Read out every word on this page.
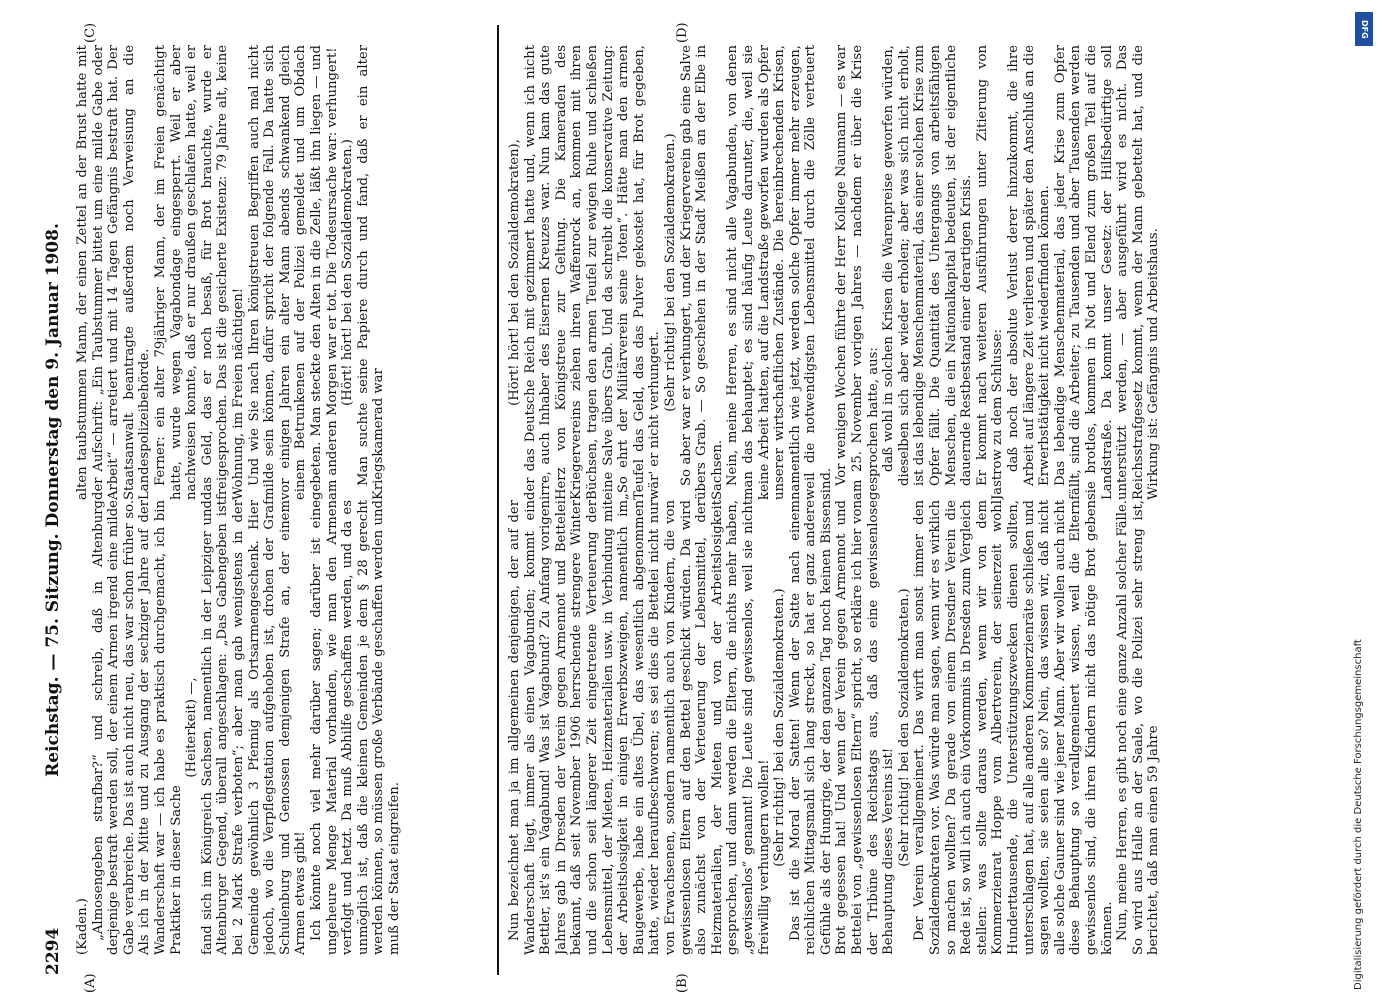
2294
Reichstag. — 75. Sitzung. Donnerstag den 9. Januar 1908.

(Kaden.) „Almosengeben strafbar?“ und schreib, daß in Altenburg derjenige bestraft werden soll, der einem Armen irgend eine milde Gabe verabreiche. Das ist auch nicht neu, das war schon früher so. Als ich in der Mitte und zu Ausgang der sechziger Jahre auf der Wanderschaft war — ich habe es praktisch durchgemacht, ich bin Praktiker in dieser Sache

(Heiterkeit) —, fand sich im Königreich Sachsen, namentlich in der Leipziger und Altenburger Gegend, überall angeschlagen: „Das Gabengeben ist bei 2 Mark Strafe verboten“; aber man gab wenigstens in der Gemeinde gewöhnlich 3 Pfennig als Ortsarmengeschenk. Hier jedoch, wo die Verpflegstation aufgehoben ist, drohen der Graf Schulenburg und Genossen demjenigen Strafe an, der einem Armen etwas gibt! Ich könnte noch viel mehr darüber sagen; darüber ist eine ungeheure Menge Material vorhanden, wie man den Armen verfolgt und hetzt. Da muß Abhilfe geschaffen werden, und da es unmöglich ist, daß die kleinen Gemeinden je dem § 28 gerecht werden können, so müssen große Verbände geschaffen werden und muß der Staat eingreifen.

alten taubstummen Mann, der einen Zettel an der Brust hatte mit der Aufschrift: „Ein Taubstummer bittet um eine milde Gabe oder Arbeit“ — arretiert und mit 14 Tagen Gefängnis bestraft hat. Der Staatsanwalt beantragte außerdem noch Verweisung an die Landespolizeibehörde. Ferner: ein alter 79jähriger Mann, der im Freien genächtigt hatte, wurde wegen Vagabondage eingesperrt. Weil er aber nachweisen konnte, daß er nur draußen geschlafen hatte, weil er das Geld, das er noch besaß, für Brot brauchte, wurde er freigesprochen. Das ist die gesicherte Existenz: 79 Jahre alt, keine Wohnung, im Freien nächtigen! Und wie Sie nach Ihren königstreuen Begriffen auch mal nicht milde sein können, dafür spricht der folgende Fall. Da hatte sich vor einigen Jahren ein alter Mann abends schwankend gleich einem Betrunkenen auf der Polizei gemeldet und um Obdach gebeten. Man steckte den Alten in die Zelle, läßt ihn liegen — und am anderen Morgen war er tot. Die Todesursache war: verhungert! (Hört! hört! bei den Sozialdemokraten.) Man suchte seine Papiere durch und fand, daß er ein alter Kriegskamerad war

Nun bezeichnet man ja im allgemeinen denjenigen, der auf der Wanderschaft liegt, immer als einen Vagabunden; kommt ein Bettler, ist's ein Vagabund! Was ist Vagabund? Zu Anfang vorigen Jahres gab in Dresden der Verein gegen Armennot und Bettelei bekannt, daß seit November 1906 herrschende strengere Winter und die schon seit längerer Zeit eingetretene Verteuerung der Lebensmittel, der Mieten, Heizmaterialien usw. in Verbindung mit der Arbeitslosigkeit in einigen Erwerbszweigen, namentlich im Baugewerbe, habe ein altes Übel, das wesentlich abgenommen hatte, wieder heraufbeschworen; es sei dies die Bettelei nicht nur von Erwachsenen, sondern namentlich auch von Kindern, die von gewissenlosen Eltern auf den Bettel geschickt würden. Da wird also zunächst von der Verteuerung der Lebensmittel, der Heizmaterialien, der Mieten und von der Arbeitslosigkeit gesprochen, und dann werden die Eltern, die nichts mehr haben, „gewissenlos“ genannt! Die Leute sind gewissenlos, weil sie nicht freiwillig verhungern wollen! (Sehr richtig! bei den Sozialdemokraten.) Das ist die Moral der Satten! Wenn der Satte nach einem reichlichen Mittagsmahl sich lang streckt, so hat er ganz andere Gefühle als der Hungrige, der den ganzen Tag noch keinen Bissen Brot gegessen hat! Und wenn der Verein gegen Armennot und Bettelei von „gewissenlosen Eltern“ spricht, so erkläre ich hier von der Tribüne des Reichstags aus, daß das eine gewissenlose Behauptung dieses Vereins ist! (Sehr richtig! bei den Sozialdemokraten.) Der Verein verallgemeinert. Das wirft man sonst immer den Sozialdemokraten vor. Was würde man sagen, wenn wir es wirklich so machen wollten? Da gerade von einem Dresdner Verein die Rede ist, so will ich auch ein Vorkommnis in Dresden zum Vergleich stellen: was sollte daraus werden, wenn wir von dem Kommerzienrat Hoppe vom Albertverein, der seinerzeit wohl Hunderttausende, die Unterstützungszwecken dienen sollten, unterschlagen hat, auf alle anderen Kommerzienräte schließen und sagen wollten, sie seien alle so? Nein, das wissen wir, daß nicht alle solche Gauner sind wie jener Mann. Aber wir wollen auch nicht diese Behauptung so verallgemeinert wissen, weil die Eltern gewissenlos sind, die ihren Kindern nicht das nötige Brot geben können. Nun, meine Herren, es gibt noch eine ganze Anzahl solcher Fälle. So wird aus Halle an der Saale, wo die Polizei sehr streng ist, berichtet, daß man einen 59 Jahre

(Hört! hört! bei den Sozialdemokraten), der das Deutsche Reich mit gezimmert hatte und, wenn ich nicht irre, auch Inhaber des Eisernen Kreuzes war. Nun kam das gute Herz von Königstreue zur Geltung. Die Kameraden des Kriegervereins ziehen ihren Waffenrock an, kommen mit ihren Büchsen, tragen den armen Teufel zur ewigen Ruhe und schießen eine Salve übers Grab. Und da schreibt die konservative Zeitung: „So ehrt der Militärverein seine Toten“. Hätte man den armen Teufel das Geld, das das Pulver gekostet hat, für Brot gegeben, wär' er nicht verhungert.

(Sehr richtig! bei den Sozialdemokraten.) So aber war er verhungert, und der Kriegerverein gab eine Salve übers Grab. — So geschehen in der Stadt Meißen an der Elbe in Sachsen. Nein, meine Herren, es sind nicht alle Vagabunden, von denen man das behauptet; es sind häufig Leute darunter, die, weil sie keine Arbeit hatten, auf die Landstraße geworfen wurden als Opfer unserer wirtschaftlichen Zustände. Die hereinbrechenden Krisen, namentlich wie jetzt, werden solche Opfer immer mehr erzeugen, weil die notwendigsten Lebensmittel durch die Zölle verteuert sind. Vor wenigen Wochen führte der Herr Kollege Naumann — es war am 25. November vorigen Jahres — nachdem er über die Krise gesprochen hatte, aus: daß wohl in solchen Krisen die Warenpreise geworfen würden, dieselben sich aber wieder erholen; aber was sich nicht erholt, ist das lebendige Menschenmaterial, das einer solchen Krise zum Opfer fällt. Die Quantität des Untergangs von arbeitsfähigen Menschen, die ein Nationalkapital bedeuten, ist der eigentliche dauernde Restbestand einer derartigen Krisis. Er kommt nach weiteren Ausführungen unter Zitierung von Jastrow zu dem Schlusse: daß noch der absolute Verlust derer hinzukommt, die ihre Arbeit auf längere Zeit verlieren und später den Anschluß an die Erwerbstätigkeit nicht wiederfinden können. Das lebendige Menschenmaterial, das jeder Krise zum Opfer fällt, sind die Arbeiter; zu Tausenden und aber Tausenden werden sie brotlos, kommen in Not und Elend zum großen Teil auf die Landstraße. Da kommt unser Gesetz: der Hilfsbedürftige soll unterstützt werden, — aber ausgeführt wird es nicht. Das Reichsstrafgesetz kommt, wenn der Mann gebettelt hat, und die Wirkung ist: Gefängnis und Arbeitshaus.

(A)	(B)
(C)	(D)	DFG
Digitalisierung gefördert durch die Deutsche Forschungsgemeinschaft
